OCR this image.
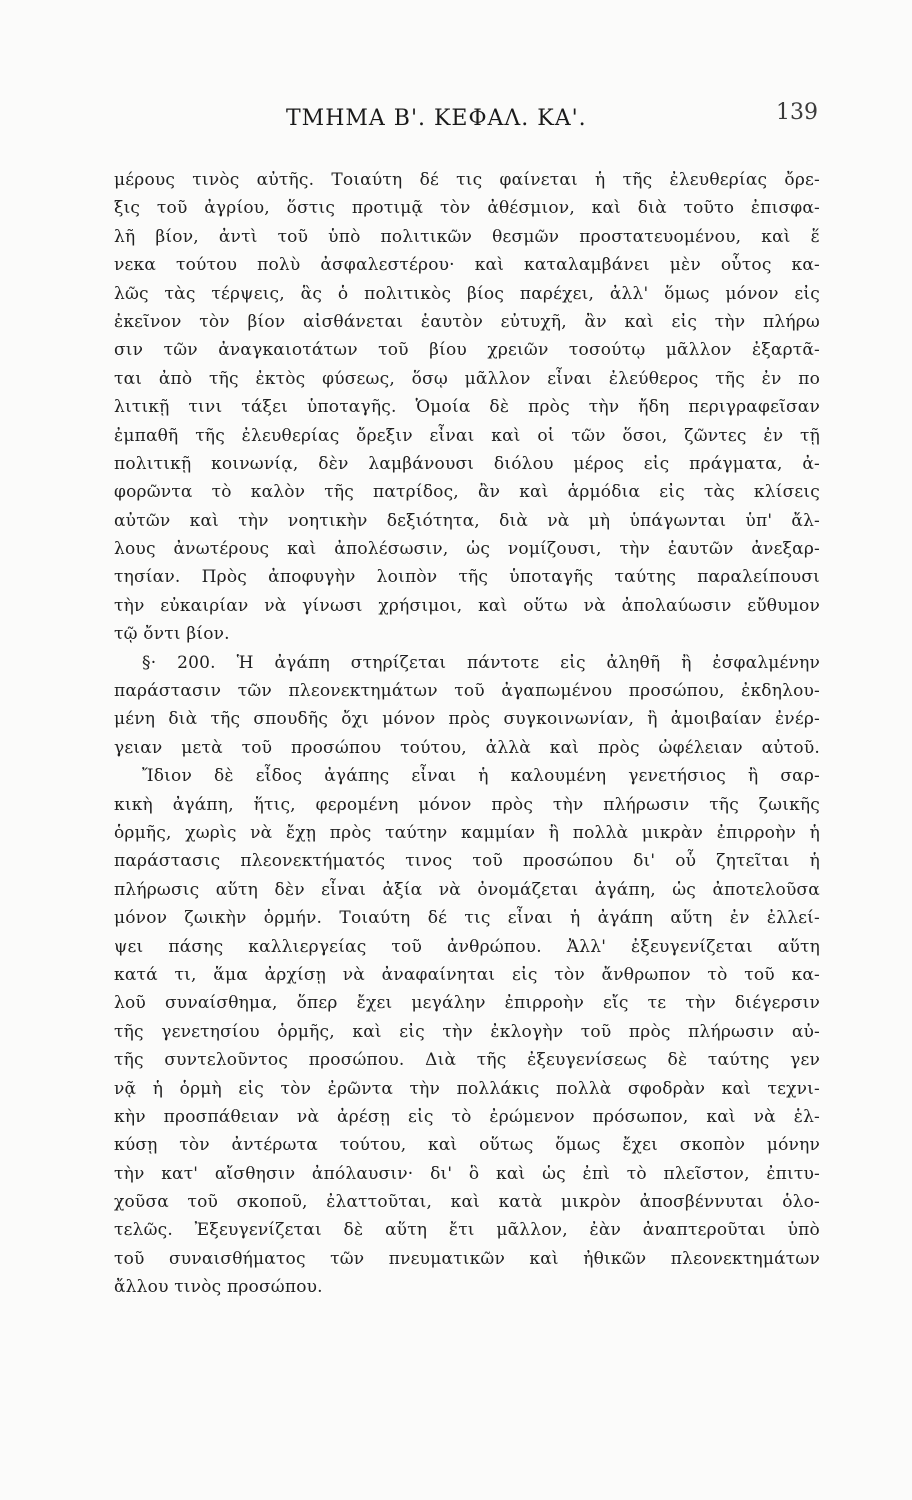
ΤΜΗΜΑ Β'. ΚΕΦΑΛ. ΚΑ'.	139
μέρους τινὸς αὐτῆς. Τοιαύτη δέ τις φαίνεται ἡ τῆς ἐλευθερίας ὄρε-
ξις τοῦ ἀγρίου, ὅστις προτιμᾷ τὸν ἀθέσμιον, καὶ διὰ τοῦτο ἐπισφα-
λῆ βίον, ἀντὶ τοῦ ὑπὸ πολιτικῶν θεσμῶν προστατευομένου, καὶ ἕ
νεκα τούτου πολὺ ἀσφαλεστέρου· καὶ καταλαμβάνει μὲν οὗτος κα-
λῶς τὰς τέρψεις, ἃς ὁ πολιτικὸς βίος παρέχει, ἀλλ' ὅμως μόνον εἰς
ἐκεῖνον τὸν βίον αἰσθάνεται ἑαυτὸν εὐτυχῆ, ἂν καὶ εἰς τὴν πλήρω
σιν τῶν ἀναγκαιοτάτων τοῦ βίου χρειῶν τοσούτῳ μᾶλλον ἐξαρτᾶ-
ται ἀπὸ τῆς ἐκτὸς φύσεως, ὅσῳ μᾶλλον εἶναι ἐλεύθερος τῆς ἐν πο
λιτικῇ τινι τάξει ὑποταγῆς. Ὁμοία δὲ πρὸς τὴν ἤδη περιγραφεῖσαν
ἐμπαθῆ τῆς ἐλευθερίας ὄρεξιν εἶναι καὶ οἱ τῶν ὅσοι, ζῶντες ἐν τῇ
πολιτικῇ κοινωνίᾳ, δὲν λαμβάνουσι διόλου μέρος εἰς πράγματα, ἀ-
φορῶντα τὸ καλὸν τῆς πατρίδος, ἂν καὶ ἁρμόδια εἰς τὰς κλίσεις
αὐτῶν καὶ τὴν νοητικὴν δεξιότητα, διὰ νὰ μὴ ὑπάγωνται ὑπ' ἄλ-
λους ἀνωτέρους καὶ ἀπολέσωσιν, ὡς νομίζουσι, τὴν ἑαυτῶν ἀνεξαρ-
τησίαν. Πρὸς ἀποφυγὴν λοιπὸν τῆς ὑποταγῆς ταύτης παραλείπουσι
τὴν εὐκαιρίαν νὰ γίνωσι χρήσιμοι, καὶ οὕτω νὰ ἀπολαύωσιν εὔθυμον
τῷ ὄντι βίον.
§· 200. Ἡ ἀγάπη στηρίζεται πάντοτε εἰς ἀληθῆ ἢ ἐσφαλμένην
παράστασιν τῶν πλεονεκτημάτων τοῦ ἀγαπωμένου προσώπου, ἐκδηλου-
μένη διὰ τῆς σπουδῆς ὄχι μόνον πρὸς συγκοινωνίαν, ἢ ἀμοιβαίαν ἐνέρ-
γειαν μετὰ τοῦ προσώπου τούτου, ἀλλὰ καὶ πρὸς ὠφέλειαν αὐτοῦ.
Ἴδιον δὲ εἶδος ἀγάπης εἶναι ἡ καλουμένη γενετήσιος ἢ σαρ-
κικὴ ἀγάπη, ἥτις, φερομένη μόνον πρὸς τὴν πλήρωσιν τῆς ζωικῆς
ὁρμῆς, χωρὶς νὰ ἔχῃ πρὸς ταύτην καμμίαν ἢ πολλὰ μικρὰν ἐπιρροὴν ἡ
παράστασις πλεονεκτήματός τινος τοῦ προσώπου δι' οὗ ζητεῖται ἡ
πλήρωσις αὕτη δὲν εἶναι ἀξία νὰ ὀνομάζεται ἀγάπη, ὡς ἀποτελοῦσα
μόνον ζωικὴν ὁρμήν. Τοιαύτη δέ τις εἶναι ἡ ἀγάπη αὕτη ἐν ἐλλεί-
ψει πάσης καλλιεργείας τοῦ ἀνθρώπου. Ἀλλ' ἐξευγενίζεται αὕτη
κατά τι, ἅμα ἀρχίσῃ νὰ ἀναφαίνηται εἰς τὸν ἄνθρωπον τὸ τοῦ κα-
λοῦ συναίσθημα, ὅπερ ἔχει μεγάλην ἐπιρροὴν εἴς τε τὴν διέγερσιν
τῆς γενετησίου ὁρμῆς, καὶ εἰς τὴν ἐκλογὴν τοῦ πρὸς πλήρωσιν αὐ-
τῆς συντελοῦντος προσώπου. Διὰ τῆς ἐξευγενίσεως δὲ ταύτης γεν
νᾷ ἡ ὁρμὴ εἰς τὸν ἐρῶντα τὴν πολλάκις πολλὰ σφοδρὰν καὶ τεχνι-
κὴν προσπάθειαν νὰ ἀρέσῃ εἰς τὸ ἐρώμενον πρόσωπον, καὶ νὰ ἑλ-
κύσῃ τὸν ἀντέρωτα τούτου, καὶ οὕτως ὅμως ἔχει σκοπὸν μόνην
τὴν κατ' αἴσθησιν ἀπόλαυσιν· δι' ὃ καὶ ὡς ἐπὶ τὸ πλεῖστον, ἐπιτυ-
χοῦσα τοῦ σκοποῦ, ἐλαττοῦται, καὶ κατὰ μικρὸν ἀποσβέννυται ὁλο-
τελῶς. Ἐξευγενίζεται δὲ αὕτη ἔτι μᾶλλον, ἐὰν ἀναπτεροῦται ὑπὸ
τοῦ συναισθήματος τῶν πνευματικῶν καὶ ἠθικῶν πλεονεκτημάτων
ἄλλου τινὸς προσώπου.
